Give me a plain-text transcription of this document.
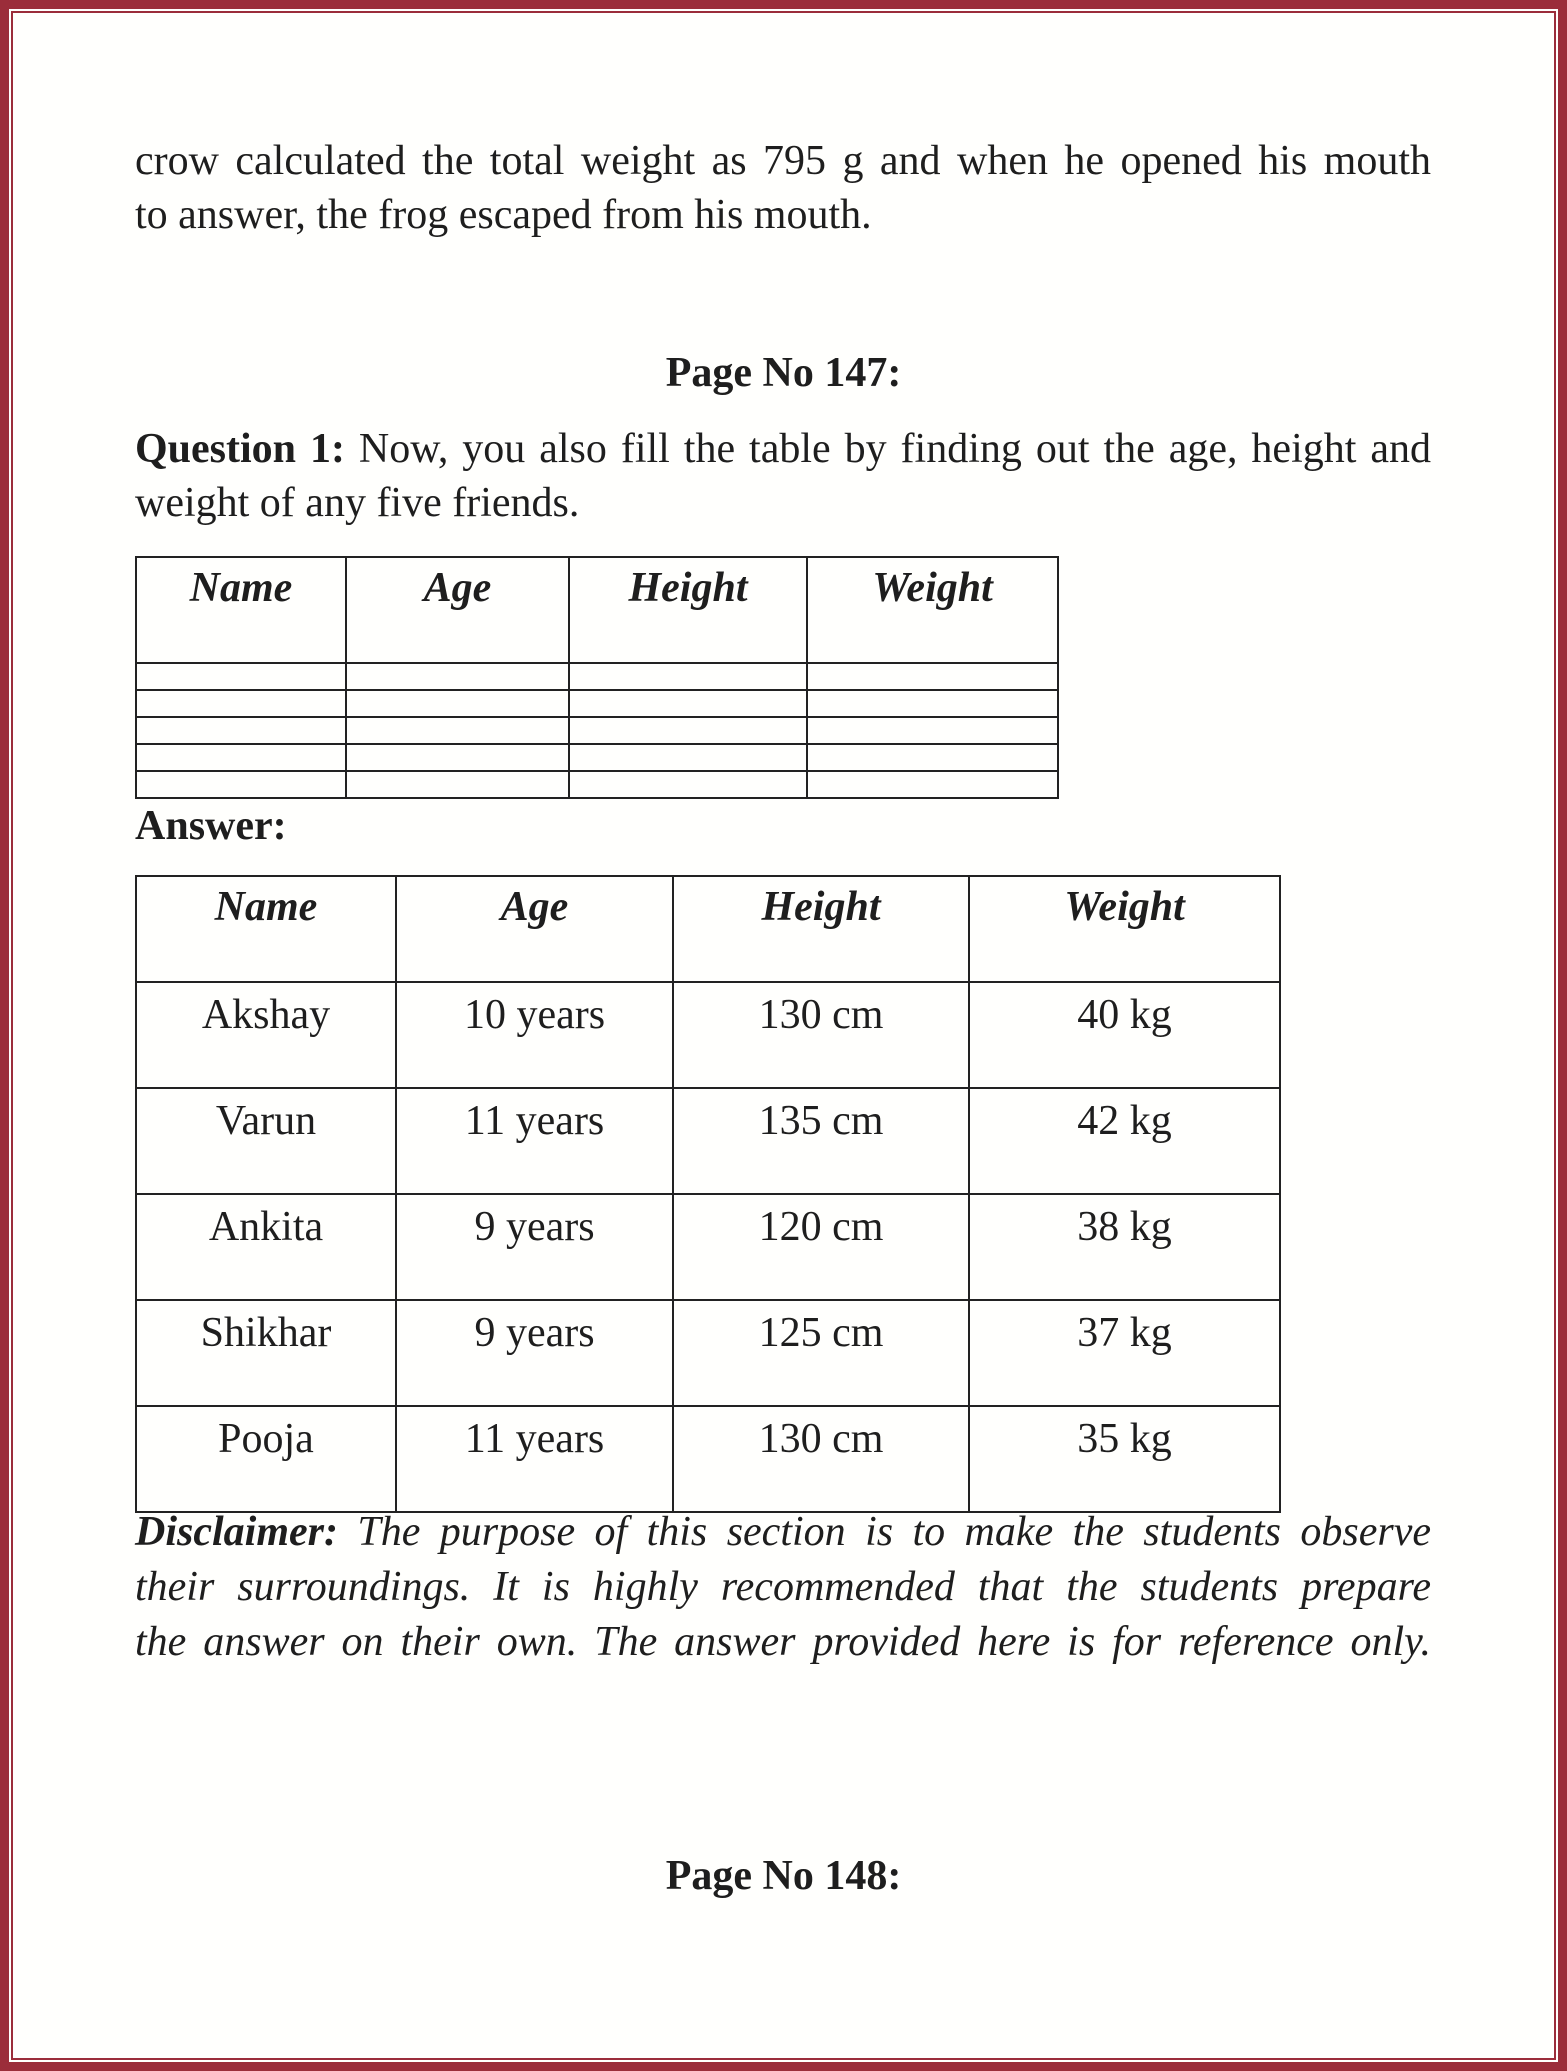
crow calculated the total weight as 795 g and when he opened his mouth
to answer, the frog escaped from his mouth.
Page No 147:
Question 1: Now, you also fill the table by finding out the age, height and
weight of any five friends.
Name	Age	Height	Weight

Answer:
Name	Age	Height	Weight
Akshay	10 years	130 cm	40 kg
Varun	11 years	135 cm	42 kg
Ankita	9 years	120 cm	38 kg
Shikhar	9 years	125 cm	37 kg
Pooja	11 years	130 cm	35 kg
Disclaimer: The purpose of this section is to make the students observe
their surroundings. It is highly recommended that the students prepare
the answer on their own. The answer provided here is for reference only.
Page No 148:
